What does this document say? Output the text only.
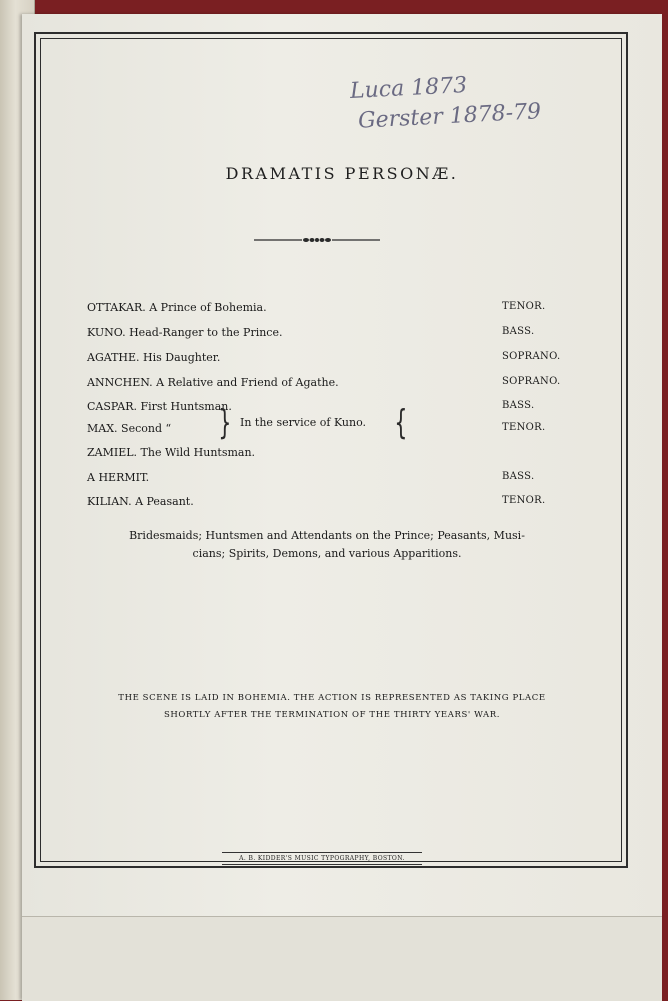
Luca 1873

Gerster 1878-79

DRAMATIS PERSONÆ.
OTTAKAR. A Prince of Bohemia.	TENOR.
KUNO. Head-Ranger to the Prince.	BASS.
AGATHE. His Daughter.	SOPRANO.
ANNCHEN. A Relative and Friend of Agathe.	SOPRANO.
CASPAR. First Huntsman.	BASS.
MAX. Second “	TENOR.
} In the service of Kuno. {
ZAMIEL. The Wild Huntsman.
A HERMIT.	BASS.
KILIAN. A Peasant.	TENOR.

Bridesmaids; Huntsmen and Attendants on the Prince; Peasants, Musi-

cians; Spirits, Demons, and various Apparitions.

THE SCENE IS LAID IN BOHEMIA. THE ACTION IS REPRESENTED AS TAKING PLACE

SHORTLY AFTER THE TERMINATION OF THE THIRTY YEARS' WAR.

A. B. KIDDER'S MUSIC TYPOGRAPHY, BOSTON.
